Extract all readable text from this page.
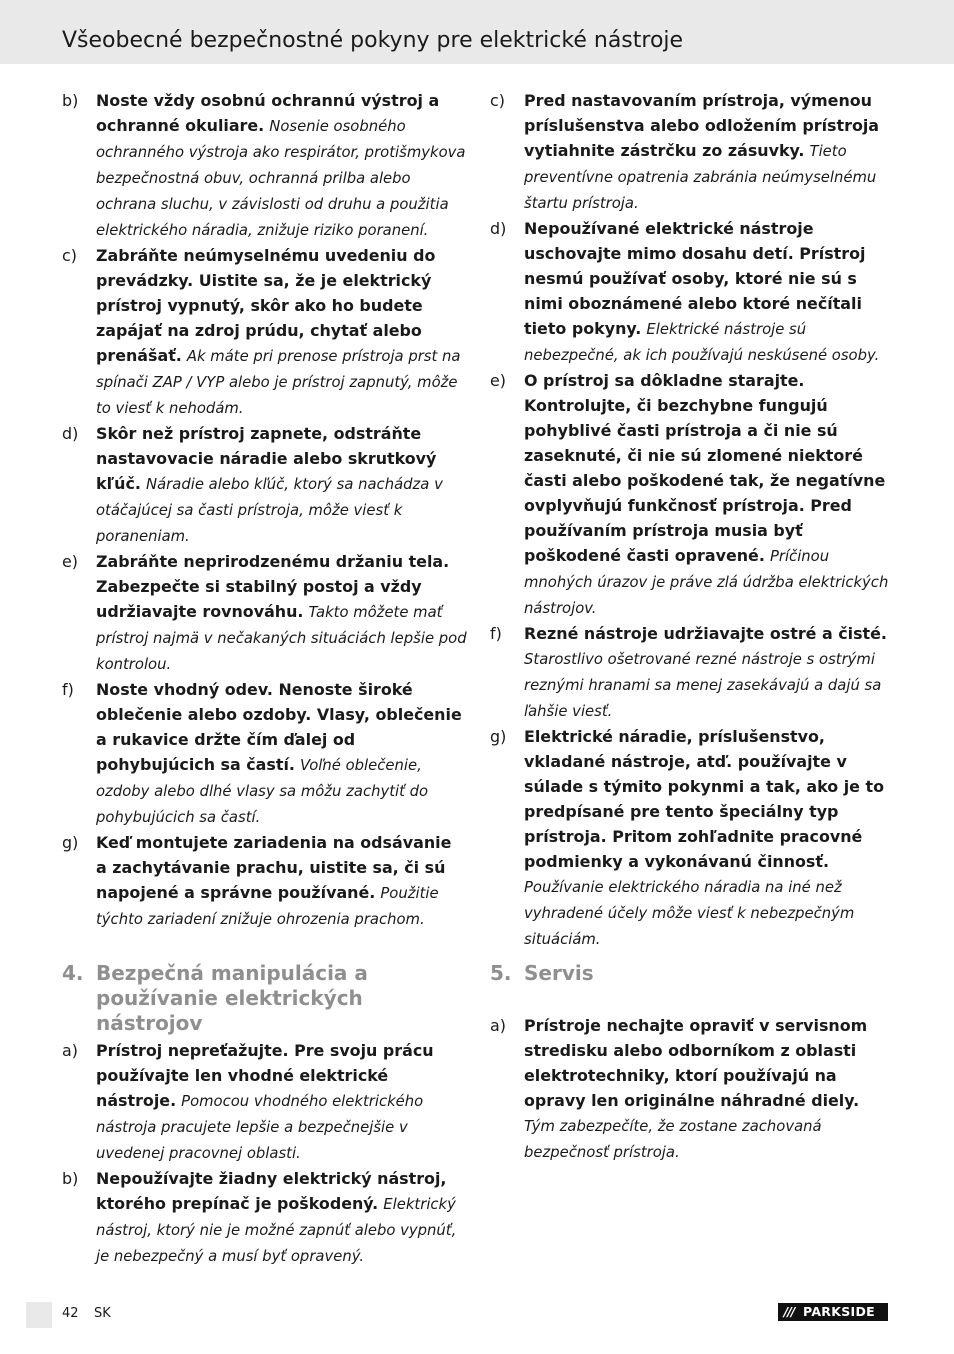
Všeobecné bezpečnostné pokyny pre elektrické nástroje
b)	Noste vždy osobnú ochrannú výstroj a ochranné okuliare. Nosenie osobného ochranného výstroja ako respirátor, protišmykova bezpečnostná obuv, ochranná prilba alebo ochrana sluchu, v závislosti od druhu a použitia elektrického náradia, znižuje riziko poranení.
c)	Zabráňte neúmyselnému uvedeniu do prevádzky. Uistite sa, že je elektrický prístroj vypnutý, skôr ako ho budete zapájať na zdroj prúdu, chytať alebo prenášať. Ak máte pri prenose prístroja prst na spínači ZAP / VYP alebo je prístroj zapnutý, môže to viesť k nehodám.
d)	Skôr než prístroj zapnete, odstráňte nastavovacie náradie alebo skrutkový kľúč. Náradie alebo kľúč, ktorý sa nachádza v otáčajúcej sa časti prístroja, môže viesť k poraneniam.
e)	Zabráňte neprirodzenému držaniu tela. Zabezpečte si stabilný postoj a vždy udržiavajte rovnováhu. Takto môžete mať prístroj najmä v nečakaných situáciách lepšie pod kontrolou.
f)	Noste vhodný odev. Nenoste široké oblečenie alebo ozdoby. Vlasy, oblečenie a rukavice držte čím ďalej od pohybujúcich sa častí. Voľné oblečenie, ozdoby alebo dlhé vlasy sa môžu zachytiť do pohybujúcich sa častí.
g)	Keď montujete zariadenia na odsávanie a zachytávanie prachu, uistite sa, či sú napojené a správne používané. Použitie týchto zariadení znižuje ohrozenia prachom.
4. Bezpečná manipulácia a používanie elektrických nástrojov
a)	Prístroj nepreťažujte. Pre svoju prácu používajte len vhodné elektrické nástroje. Pomocou vhodného elektrického nástroja pracujete lepšie a bezpečnejšie v uvedenej pracovnej oblasti.
b)	Nepoužívajte žiadny elektrický nástroj, ktorého prepínač je poškodený. Elektrický nástroj, ktorý nie je možné zapnúť alebo vypnúť, je nebezpečný a musí byť opravený.
c)	Pred nastavovaním prístroja, výmenou príslušenstva alebo odložením prístroja vytiahnite zástrčku zo zásuvky. Tieto preventívne opatrenia zabránia neúmyselnému štartu prístroja.
d)	Nepoužívané elektrické nástroje uschovajte mimo dosahu detí. Prístroj nesmú používať osoby, ktoré nie sú s nimi oboznámené alebo ktoré nečítali tieto pokyny. Elektrické nástroje sú nebezpečné, ak ich používajú neskúsené osoby.
e)	O prístroj sa dôkladne starajte. Kontrolujte, či bezchybne fungujú pohyblivé časti prístroja a či nie sú zaseknuté, či nie sú zlomené niektoré časti alebo poškodené tak, že negatívne ovplyvňujú funkčnosť prístroja. Pred používaním prístroja musia byť poškodené časti opravené. Príčinou mnohých úrazov je práve zlá údržba elektrických nástrojov.
f)	Rezné nástroje udržiavajte ostré a čisté. Starostlivo ošetrované rezné nástroje s ostrými reznými hranami sa menej zasekávajú a dajú sa ľahšie viesť.
g)	Elektrické náradie, príslušenstvo, vkladané nástroje, atď. používajte v súlade s týmito pokynmi a tak, ako je to predpísané pre tento špeciálny typ prístroja. Pritom zohľadnite pracovné podmienky a vykonávanú činnosť. Používanie elektrického náradia na iné než vyhradené účely môže viesť k nebezpečným situáciám.
5. Servis
a)	Prístroje nechajte opraviť v servisnom stredisku alebo odborníkom z oblasti elektrotechniky, ktorí používajú na opravy len originálne náhradné diely. Tým zabezpečíte, že zostane zachovaná bezpečnosť prístroja.
42 SK	/// PARKSIDE
